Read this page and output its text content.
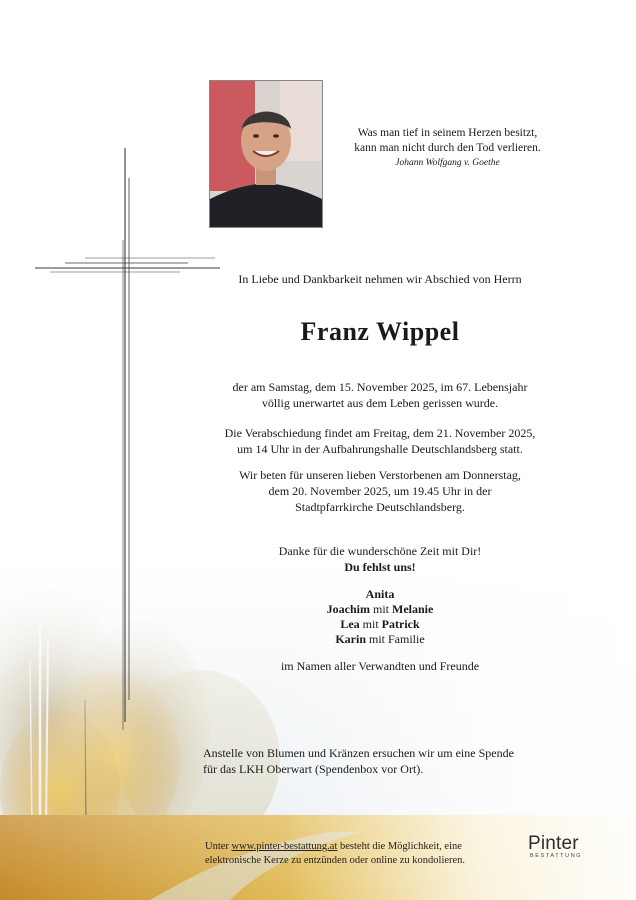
Was man tief in seinem Herzen besitzt,
kann man nicht durch den Tod verlieren.
Johann Wolfgang v. Goethe
In Liebe und Dankbarkeit nehmen wir Abschied von Herrn
Franz Wippel
der am Samstag, dem 15. November 2025, im 67. Lebensjahr
völlig unerwartet aus dem Leben gerissen wurde.
Die Verabschiedung findet am Freitag, dem 21. November 2025,
um 14 Uhr in der Aufbahrungshalle Deutschlandsberg statt.
Wir beten für unseren lieben Verstorbenen am Donnerstag,
dem 20. November 2025, um 19.45 Uhr in der
Stadtpfarrkirche Deutschlandsberg.
Danke für die wunderschöne Zeit mit Dir!
Du fehlst uns!
Anita
Joachim mit Melanie
Lea mit Patrick
Karin mit Familie
im Namen aller Verwandten und Freunde
Anstelle von Blumen und Kränzen ersuchen wir um eine Spende
für das LKH Oberwart (Spendenbox vor Ort).
Unter www.pinter-bestattung.at besteht die Möglichkeit, eine
elektronische Kerze zu entzünden oder online zu kondolieren.
Pinter
BESTATTUNG
